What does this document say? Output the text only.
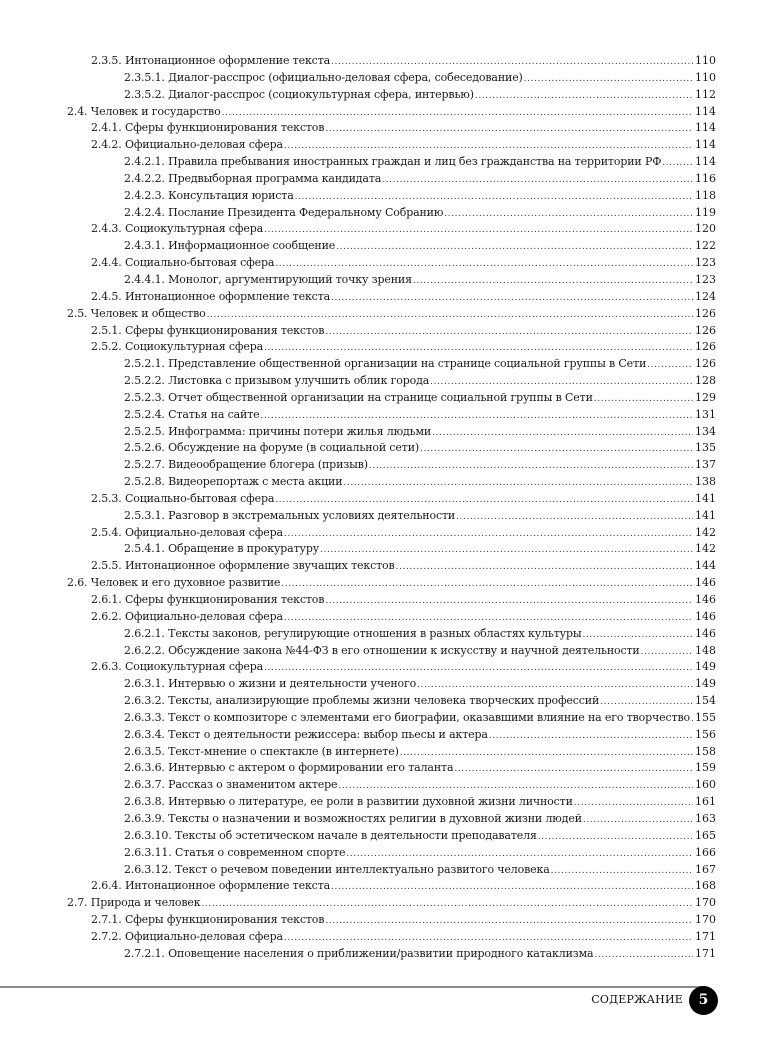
2.3.5. Интонационное оформление текста .....	110
2.3.5.1. Диалог-расспрос (официально-деловая сфера, собеседование) .....	110
2.3.5.2. Диалог-расспрос (социокультурная сфера, интервью) .....	112
2.4. Человек и государство .....	114
2.4.1. Сферы функционирования текстов .....	114
2.4.2. Официально-деловая сфера .....	114
2.4.2.1. Правила пребывания иностранных граждан и лиц без гражданства на территории РФ .....	114
2.4.2.2. Предвыборная программа кандидата .....	116
2.4.2.3. Консультация юриста .....	118
2.4.2.4. Послание Президента Федеральному Собранию .....	119
2.4.3. Социокультурная сфера .....	120
2.4.3.1. Информационное сообщение .....	122
2.4.4. Социально-бытовая сфера .....	123
2.4.4.1. Монолог, аргументирующий точку зрения .....	123
2.4.5. Интонационное оформление текста .....	124
2.5. Человек и общество .....	126
2.5.1. Сферы функционирования текстов .....	126
2.5.2. Социокультурная сфера .....	126
2.5.2.1. Представление общественной организации на странице социальной группы в Сети .....	126
2.5.2.2. Листовка с призывом улучшить облик города .....	128
2.5.2.3. Отчет общественной организации на странице социальной группы в Сети .....	129
2.5.2.4. Статья на сайте .....	131
2.5.2.5. Инфограмма: причины потери жилья людьми .....	134
2.5.2.6. Обсуждение на форуме (в социальной сети) .....	135
2.5.2.7. Видеообращение блогера (призыв) .....	137
2.5.2.8. Видеорепортаж с места акции .....	138
2.5.3. Социально-бытовая сфера .....	141
2.5.3.1. Разговор в экстремальных условиях деятельности .....	141
2.5.4. Официально-деловая сфера .....	142
2.5.4.1. Обращение в прокуратуру .....	142
2.5.5. Интонационное оформление звучащих текстов .....	144
2.6. Человек и его духовное развитие .....	146
2.6.1. Сферы функционирования текстов .....	146
2.6.2. Официально-деловая сфера .....	146
2.6.2.1. Тексты законов, регулирующие отношения в разных областях культуры .....	146
2.6.2.2. Обсуждение закона №44-ФЗ в его отношении к искусству и научной деятельности .....	148
2.6.3. Социокультурная сфера .....	149
2.6.3.1. Интервью о жизни и деятельности ученого .....	149
2.6.3.2. Тексты, анализирующие проблемы жизни человека творческих профессий .....	154
2.6.3.3. Текст о композиторе с элементами его биографии, оказавшими влияние на его творчество ..... 155
2.6.3.4. Текст о деятельности режиссера: выбор пьесы и актера .....	156
2.6.3.5. Текст-мнение о спектакле (в интернете) .....	158
2.6.3.6. Интервью с актером о формировании его таланта .....	159
2.6.3.7. Рассказ о знаменитом актере .....	160
2.6.3.8. Интервью о литературе, ее роли в развитии духовной жизни личности .....	161
2.6.3.9. Тексты о назначении и возможностях религии в духовной жизни людей .....	163
2.6.3.10. Тексты об эстетическом начале в деятельности преподавателя .....	165
2.6.3.11. Статья о современном спорте .....	166
2.6.3.12. Текст о речевом поведении интеллектуально развитого человека .....	167
2.6.4. Интонационное оформление текста .....	168
2.7. Природа и человек .....	170
2.7.1. Сферы функционирования текстов .....	170
2.7.2. Официально-деловая сфера .....	171
2.7.2.1. Оповещение населения о приближении/развитии природного катаклизма .....	171
СОДЕРЖАНИЕ	5
